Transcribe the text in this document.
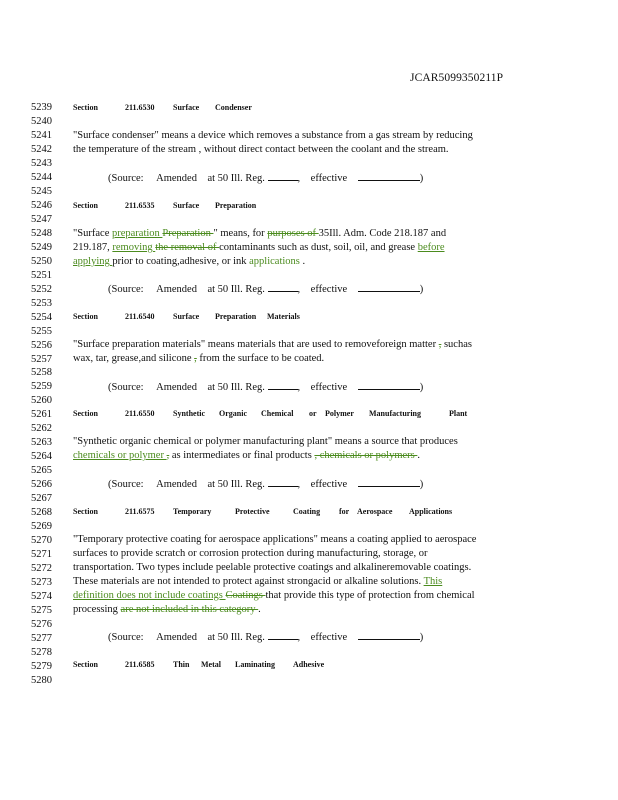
JCAR5099350211P
5239
5240
5241
5242
5243
5244
5245
5246
5247
5248
5249
5250
5251
5252
5253
5254
5255
5256
5257
5258
5259
5260
5261
5262
5263
5264
5265
5266
5267
5268
5269
5270
5271
5272
5273
5274
5275
5276
5277
5278
5279
5280
Section	211.6530 Surface Condenser
"Surface condenser" means a device which removes a substance from a gas stream by reducing
the temperature of the stream , without direct contact between the coolant and the stream.
(Source: Amended at 50 Ill. Reg.	,    effective	)
Section	211.6535 Surface Preparation
"Surface preparation Preparation " means, for purposes of 35Ill. Adm. Code 218.187 and
219.187, removing the removal of contaminants such as dust, soil, oil, and grease before
applying prior to coating,adhesive, or ink applications .
(Source: Amended at 50 Ill. Reg.	,    effective	)
Section	211.6540 Surface Preparation Materials
"Surface preparation materials" means materials that are used to removeforeign matter , suchas
wax, tar, grease,and silicone , from the surface to be coated.
(Source: Amended at 50 Ill. Reg.	,    effective	)
Section	211.6550 Synthetic Organic Chemical or Polymer Manufacturing	Plant
"Synthetic organic chemical or polymer manufacturing plant" means a source that produces
chemicals or polymer , as intermediates or final products , chemicals or polymers .
(Source: Amended at 50 Ill. Reg.	,    effective	)
Section	211.6575 Temporary	Protective	Coating for Aerospace Applications
"Temporary protective coating for aerospace applications" means a coating applied to aerospace
surfaces to provide scratch or corrosion protection during manufacturing, storage, or
transportation. Two types include peelable protective coatings and alkalineremovable coatings.
These materials are not intended to protect against strongacid or alkaline solutions. This
definition does not include coatings Coatings that provide this type of protection from chemical
processing are not included in this category .
(Source: Amended at 50 Ill. Reg.	,    effective	)
Section	211.6585 Thin Metal Laminating Adhesive
